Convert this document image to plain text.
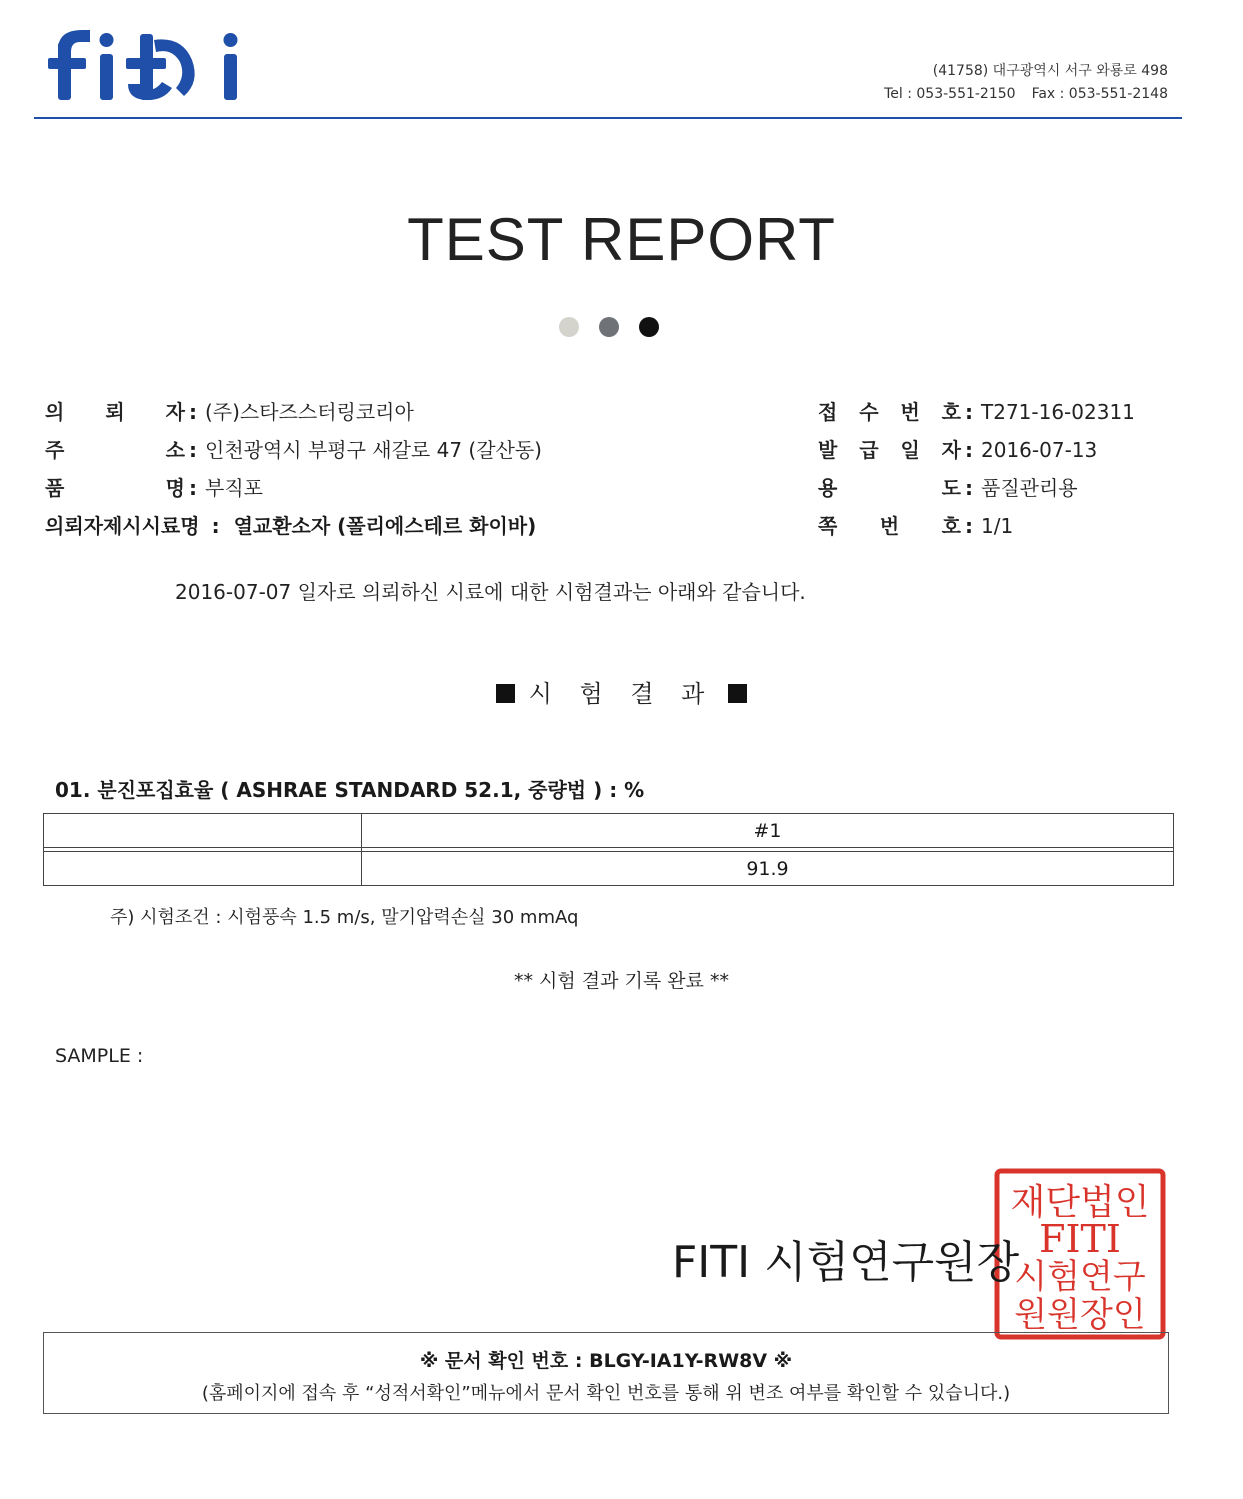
(41758) 대구광역시 서구 와룡로 498
Tel : 053-551-2150 Fax : 053-551-2148
TEST REPORT
의 뢰 자 : (주)스타즈스터링코리아
주	소 : 인천광역시 부평구 새갈로 47 (갈산동)
품	명 : 부직포
의뢰자제시시료명 : 열교환소자 (폴리에스테르 화이바)
접 수 번 호 : T271-16-02311
발 급 일 자 : 2016-07-13
용	도 : 품질관리용
쪽 번 호 : 1/1
2016-07-07 일자로 의뢰하신 시료에 대한 시험결과는 아래와 같습니다.
시 험 결 과
01. 분진포집효율 ( ASHRAE STANDARD 52.1, 중량법 ) : %
	#1

	91.9
주) 시험조건 : 시험풍속 1.5 m/s, 말기압력손실 30 mmAq
** 시험 결과 기록 완료 **
SAMPLE :
재단법인
FITI
시험연구
원원장인
FITI 시험연구원장
※ 문서 확인 번호 : BLGY-IA1Y-RW8V ※
(홈페이지에 접속 후 “성적서확인”메뉴에서 문서 확인 번호를 통해 위 변조 여부를 확인할 수 있습니다.)
